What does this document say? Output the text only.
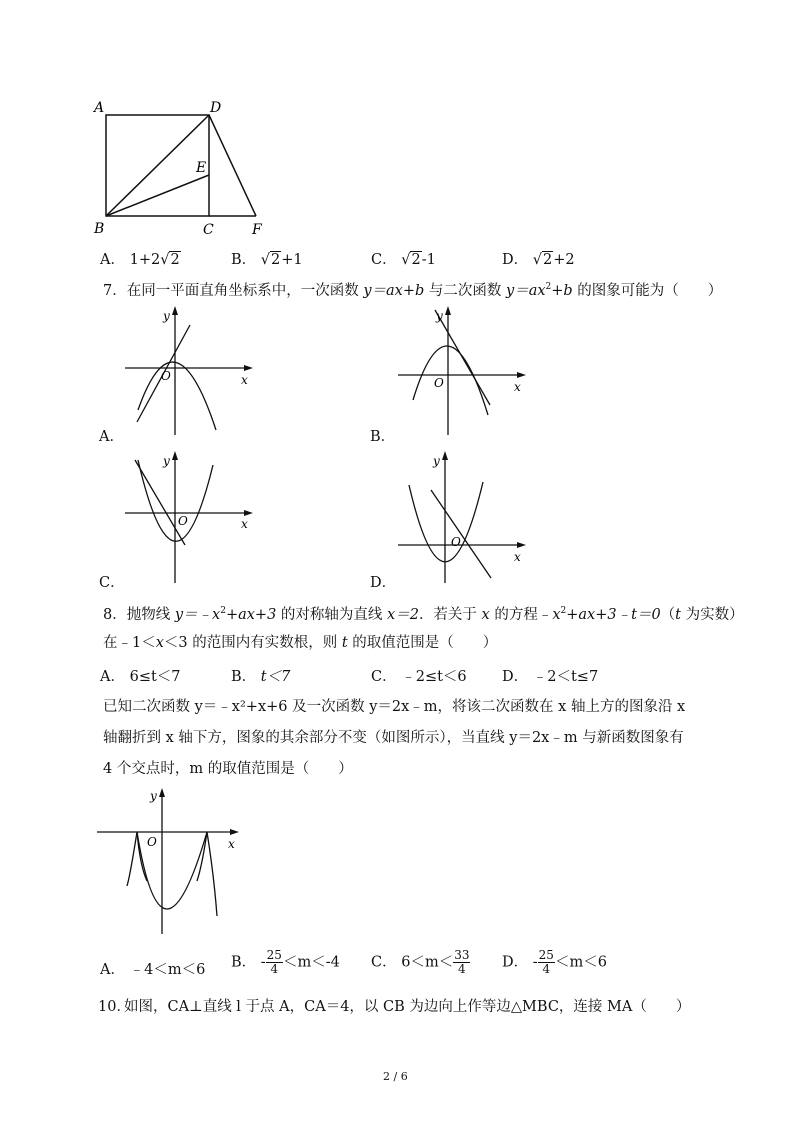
A	D
E
B	C	F
A． 1+2√2	B． √2+1	C． √2-1	D． √2+2
7．在同一平面直角坐标系中，一次函数 y＝ax+b 与二次函数 $y=ax^2+b$ 的图象可能为（　　）
x
y
O
A．
x
y
O
B．
x
y
O
C．
x
y
O
D．
8．抛物线 $y=﹣x^2+ax+3$ 的对称轴为直线 x＝2．若关于 x 的方程$﹣x^2+ax+3﹣t=0(t$ 为实数）
在﹣1＜x＜3 的范围内有实数根，则 t 的取值范围是（　　）
A． 6≤t＜7	B． t＜7	C． ﹣2≤t＜6 D． ﹣2＜t≤7
已知二次函数 y＝﹣x²+x+6 及一次函数 y＝2x﹣m，将该二次函数在 x 轴上方的图象沿 x
轴翻折到 x 轴下方，图象的其余部分不变（如图所示），当直线 y＝2x﹣m 与新函数图象有
4 个交点时，m 的取值范围是（　　）
x
y
O
A． ﹣4＜m＜6 B． - $\frac{25}{4} <m<-4$ C． $6<m< \frac{33}{4}$ D． - $\frac{25}{4} <m<6$
如图，CA⊥直线 l 于点 A，CA＝4，以 CB 为边向上作等边△MBC，连接 MA（　　）
10．
2 / 6
